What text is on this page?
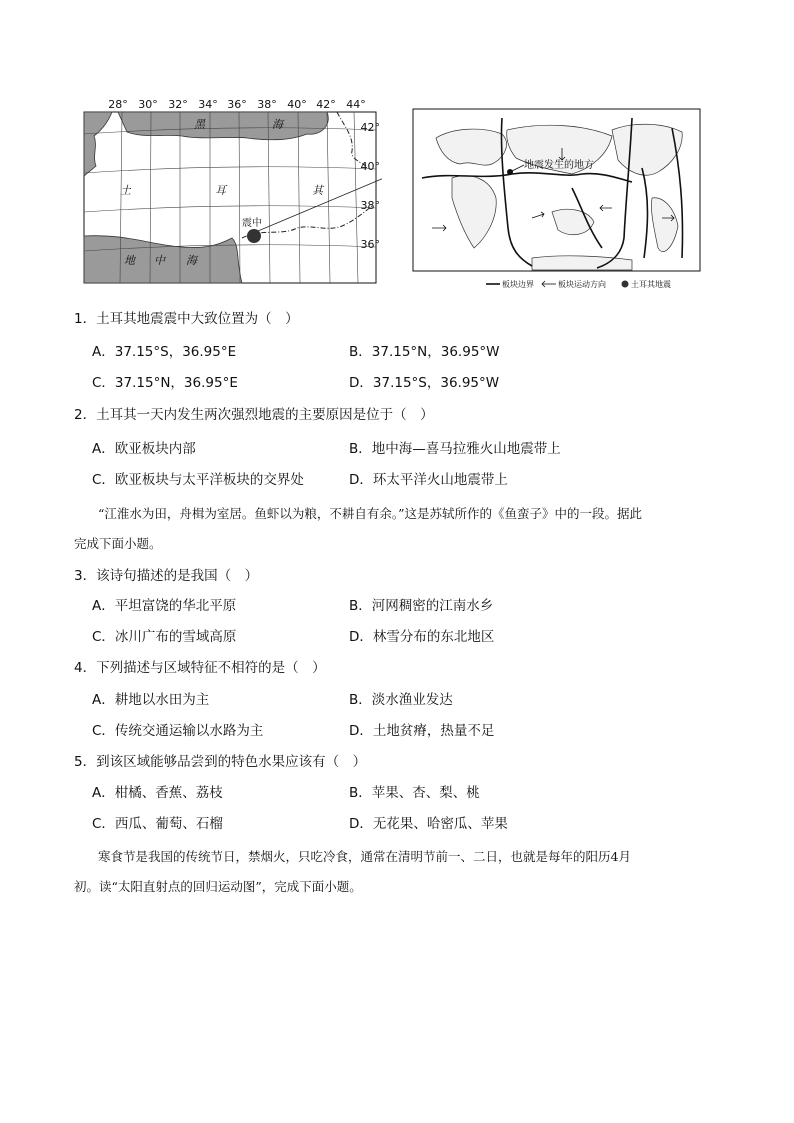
28° 30° 32° 34° 36° 38° 40° 42° 44°
42°
40°
38°
36°
黑	海
土	耳	其
地 中 海
震中
地震发生的地方
板块边界	板块运动方向	土耳其地震
1．土耳其地震震中大致位置为（　）
A．37.15°S，36.95°E	B．37.15°N，36.95°W
C．37.15°N，36.95°E	D．37.15°S，36.95°W
2．土耳其一天内发生两次强烈地震的主要原因是位于（　）
A．欧亚板块内部	B．地中海—喜马拉雅火山地震带上
C．欧亚板块与太平洋板块的交界处	D．环太平洋火山地震带上
“江淮水为田，舟楫为室居。鱼虾以为粮，不耕自有余。”这是苏轼所作的《鱼蛮子》中的一段。据此
完成下面小题。
3．该诗句描述的是我国（　）
A．平坦富饶的华北平原	B．河网稠密的江南水乡
C．冰川广布的雪域高原	D．林雪分布的东北地区
4．下列描述与区域特征不相符的是（　）
A．耕地以水田为主	B．淡水渔业发达
C．传统交通运输以水路为主	D．土地贫瘠，热量不足
5．到该区域能够品尝到的特色水果应该有（　）
A．柑橘、香蕉、荔枝	B．苹果、杏、梨、桃
C．西瓜、葡萄、石榴	D．无花果、哈密瓜、苹果
寒食节是我国的传统节日，禁烟火，只吃冷食，通常在清明节前一、二日，也就是每年的阳历4月
初。读“太阳直射点的回归运动图”，完成下面小题。
